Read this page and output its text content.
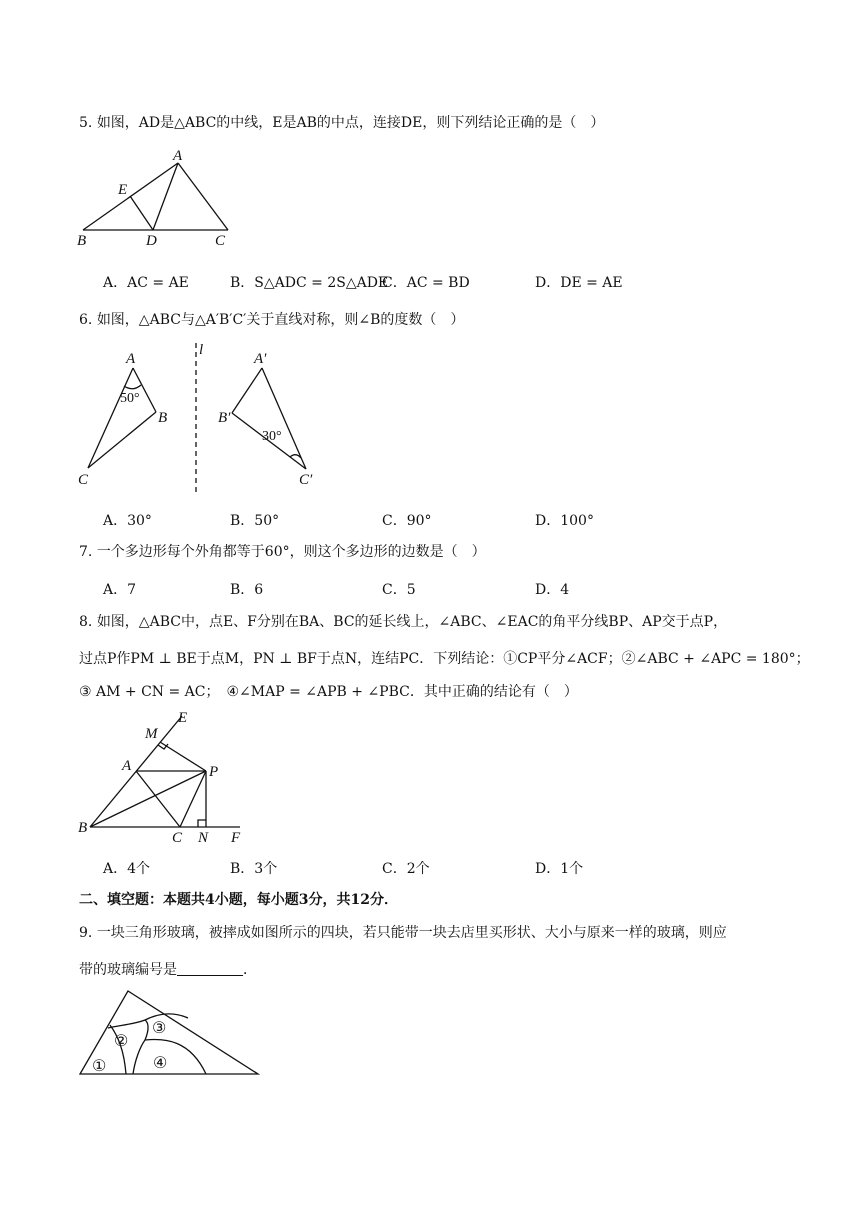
5. 如图，AD是△ABC的中线，E是AB的中点，连接DE，则下列结论正确的是（　）
A
E
B	D	C
A．AC = AE	B．S△ADC = 2S△ADE
C．AC = BD	D．DE = AE
6. 如图，△ABC与△A′B′C′关于直线对称，则∠B的度数（　）
A
50°
B
C
l
A′
B′
30°
C′
A．30°	B．50°	C．90°	D．100°
7. 一个多边形每个外角都等于60°，则这个多边形的边数是（　）
A．7	B．6	C．5	D．4
8. 如图，△ABC中，点E、F分别在BA、BC的延长线上，∠ABC、∠EAC的角平分线BP、AP交于点P，
过点P作PM ⊥ BE于点M，PN ⊥ BF于点N，连结PC．下列结论：①CP平分∠ACF；②∠ABC + ∠APC = 180°；
③ AM + CN = AC；　④∠MAP = ∠APB + ∠PBC．其中正确的结论有（　）
E
M
A	P
B
C N F
A．4个	B．3个	C．2个	D．1个
二、填空题：本题共4小题，每小题3分，共12分．
9. 一块三角形玻璃，被摔成如图所示的四块，若只能带一块去店里买形状、大小与原来一样的玻璃，则应
带的玻璃编号是	．
①
②
③
④
